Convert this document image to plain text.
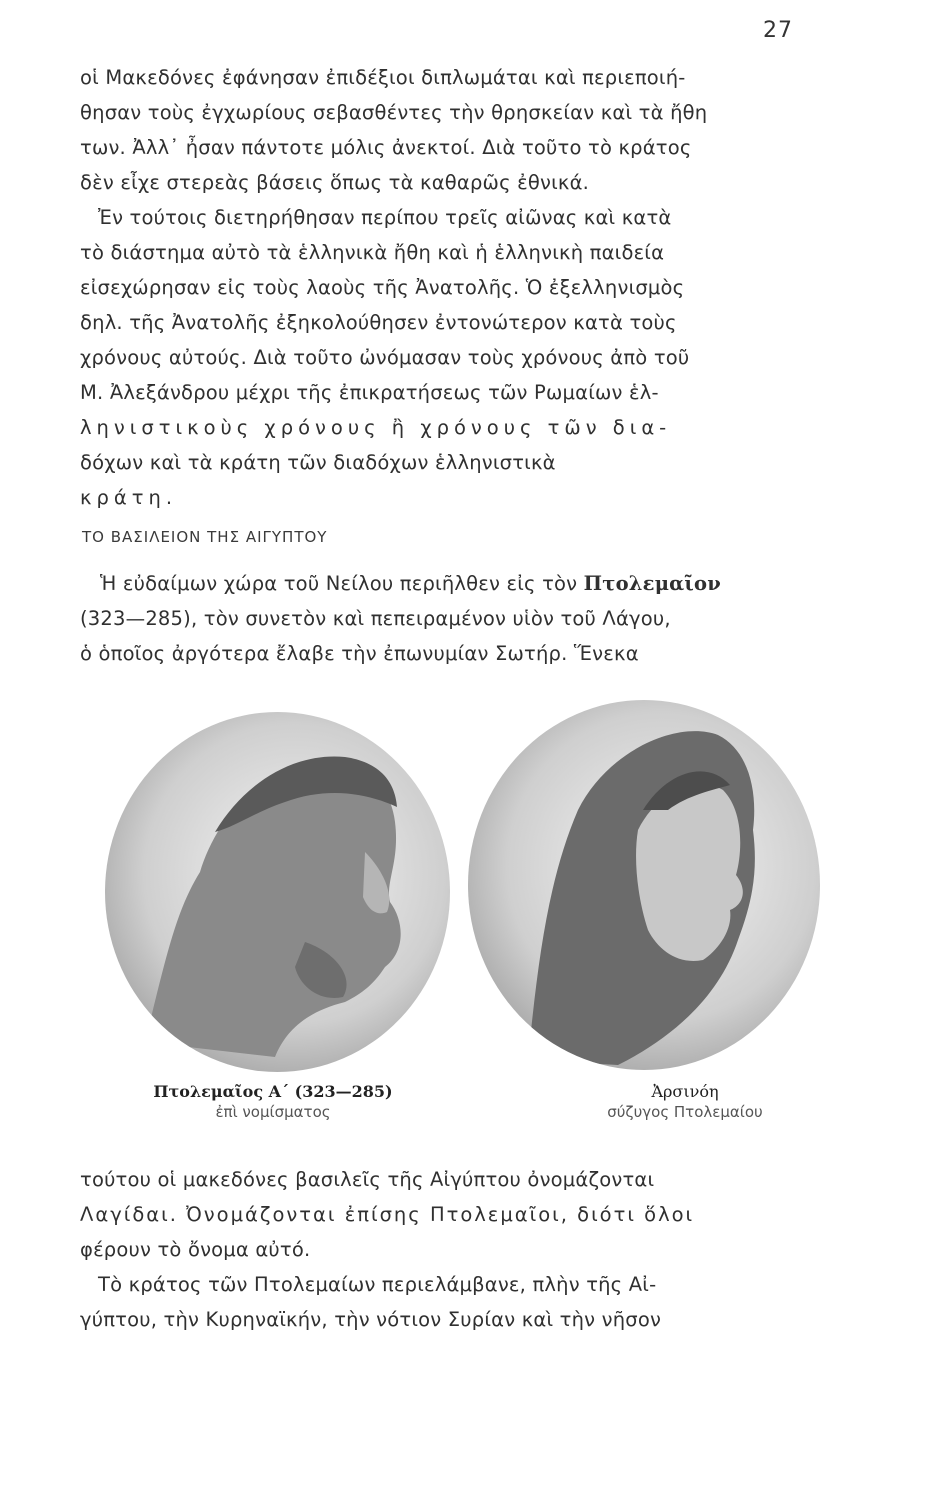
27
οἱ Μακεδόνες ἐφάνησαν ἐπιδέξιοι διπλωμάται καὶ περιεποιή-
θησαν τοὺς ἐγχωρίους σεβασθέντες τὴν θρησκείαν καὶ τὰ ἤθη
των. Ἀλλ᾽ ἦσαν πάντοτε μόλις ἀνεκτοί. Διὰ τοῦτο τὸ κράτος
δὲν εἶχε στερεὰς βάσεις ὅπως τὰ καθαρῶς ἐθνικά.
Ἐν τούτοις διετηρήθησαν περίπου τρεῖς αἰῶνας καὶ κατὰ
τὸ διάστημα αὐτὸ τὰ ἑλληνικὰ ἤθη καὶ ἡ ἑλληνικὴ παιδεία
εἰσεχώρησαν εἰς τοὺς λαοὺς τῆς Ἀνατολῆς. Ὁ ἐξελληνισμὸς
δηλ. τῆς Ἀνατολῆς ἐξηκολούθησεν ἐντονώτερον κατὰ τοὺς
χρόνους αὐτούς. Διὰ τοῦτο ὠνόμασαν τοὺς χρόνους ἀπὸ τοῦ
Μ. Ἀλεξάνδρου μέχρι τῆς ἐπικρατήσεως τῶν Ρωμαίων ἑλ-
ληνιστικοὺς χρόνους ἢ χρόνους τῶν δια-
δόχων καὶ τὰ κράτη τῶν διαδόχων ἑλληνιστικὰ
κράτη.
ΤΟ ΒΑΣΙΛΕΙΟΝ ΤΗΣ ΑΙΓΥΠΤΟΥ
Ἡ εὐδαίμων χώρα τοῦ Νείλου περιῆλθεν εἰς τὸν Πτολεμαῖον
(323—285), τὸν συνετὸν καὶ πεπειραμένον υἱὸν τοῦ Λάγου,
ὁ ὁποῖος ἀργότερα ἔλαβε τὴν ἐπωνυμίαν Σωτήρ. Ἕνεκα
Πτολεμαῖος Α΄ (323—285)
ἐπὶ νομίσματος
Ἀρσινόη
σύζυγος Πτολεμαίου
τούτου οἱ μακεδόνες βασιλεῖς τῆς Αἰγύπτου ὀνομάζονται
Λαγίδαι. Ὀνομάζονται ἐπίσης Πτολεμαῖοι, διότι ὅλοι
φέρουν τὸ ὄνομα αὐτό.
Τὸ κράτος τῶν Πτολεμαίων περιελάμβανε, πλὴν τῆς Αἰ-
γύπτου, τὴν Κυρηναϊκήν, τὴν νότιον Συρίαν καὶ τὴν νῆσον
